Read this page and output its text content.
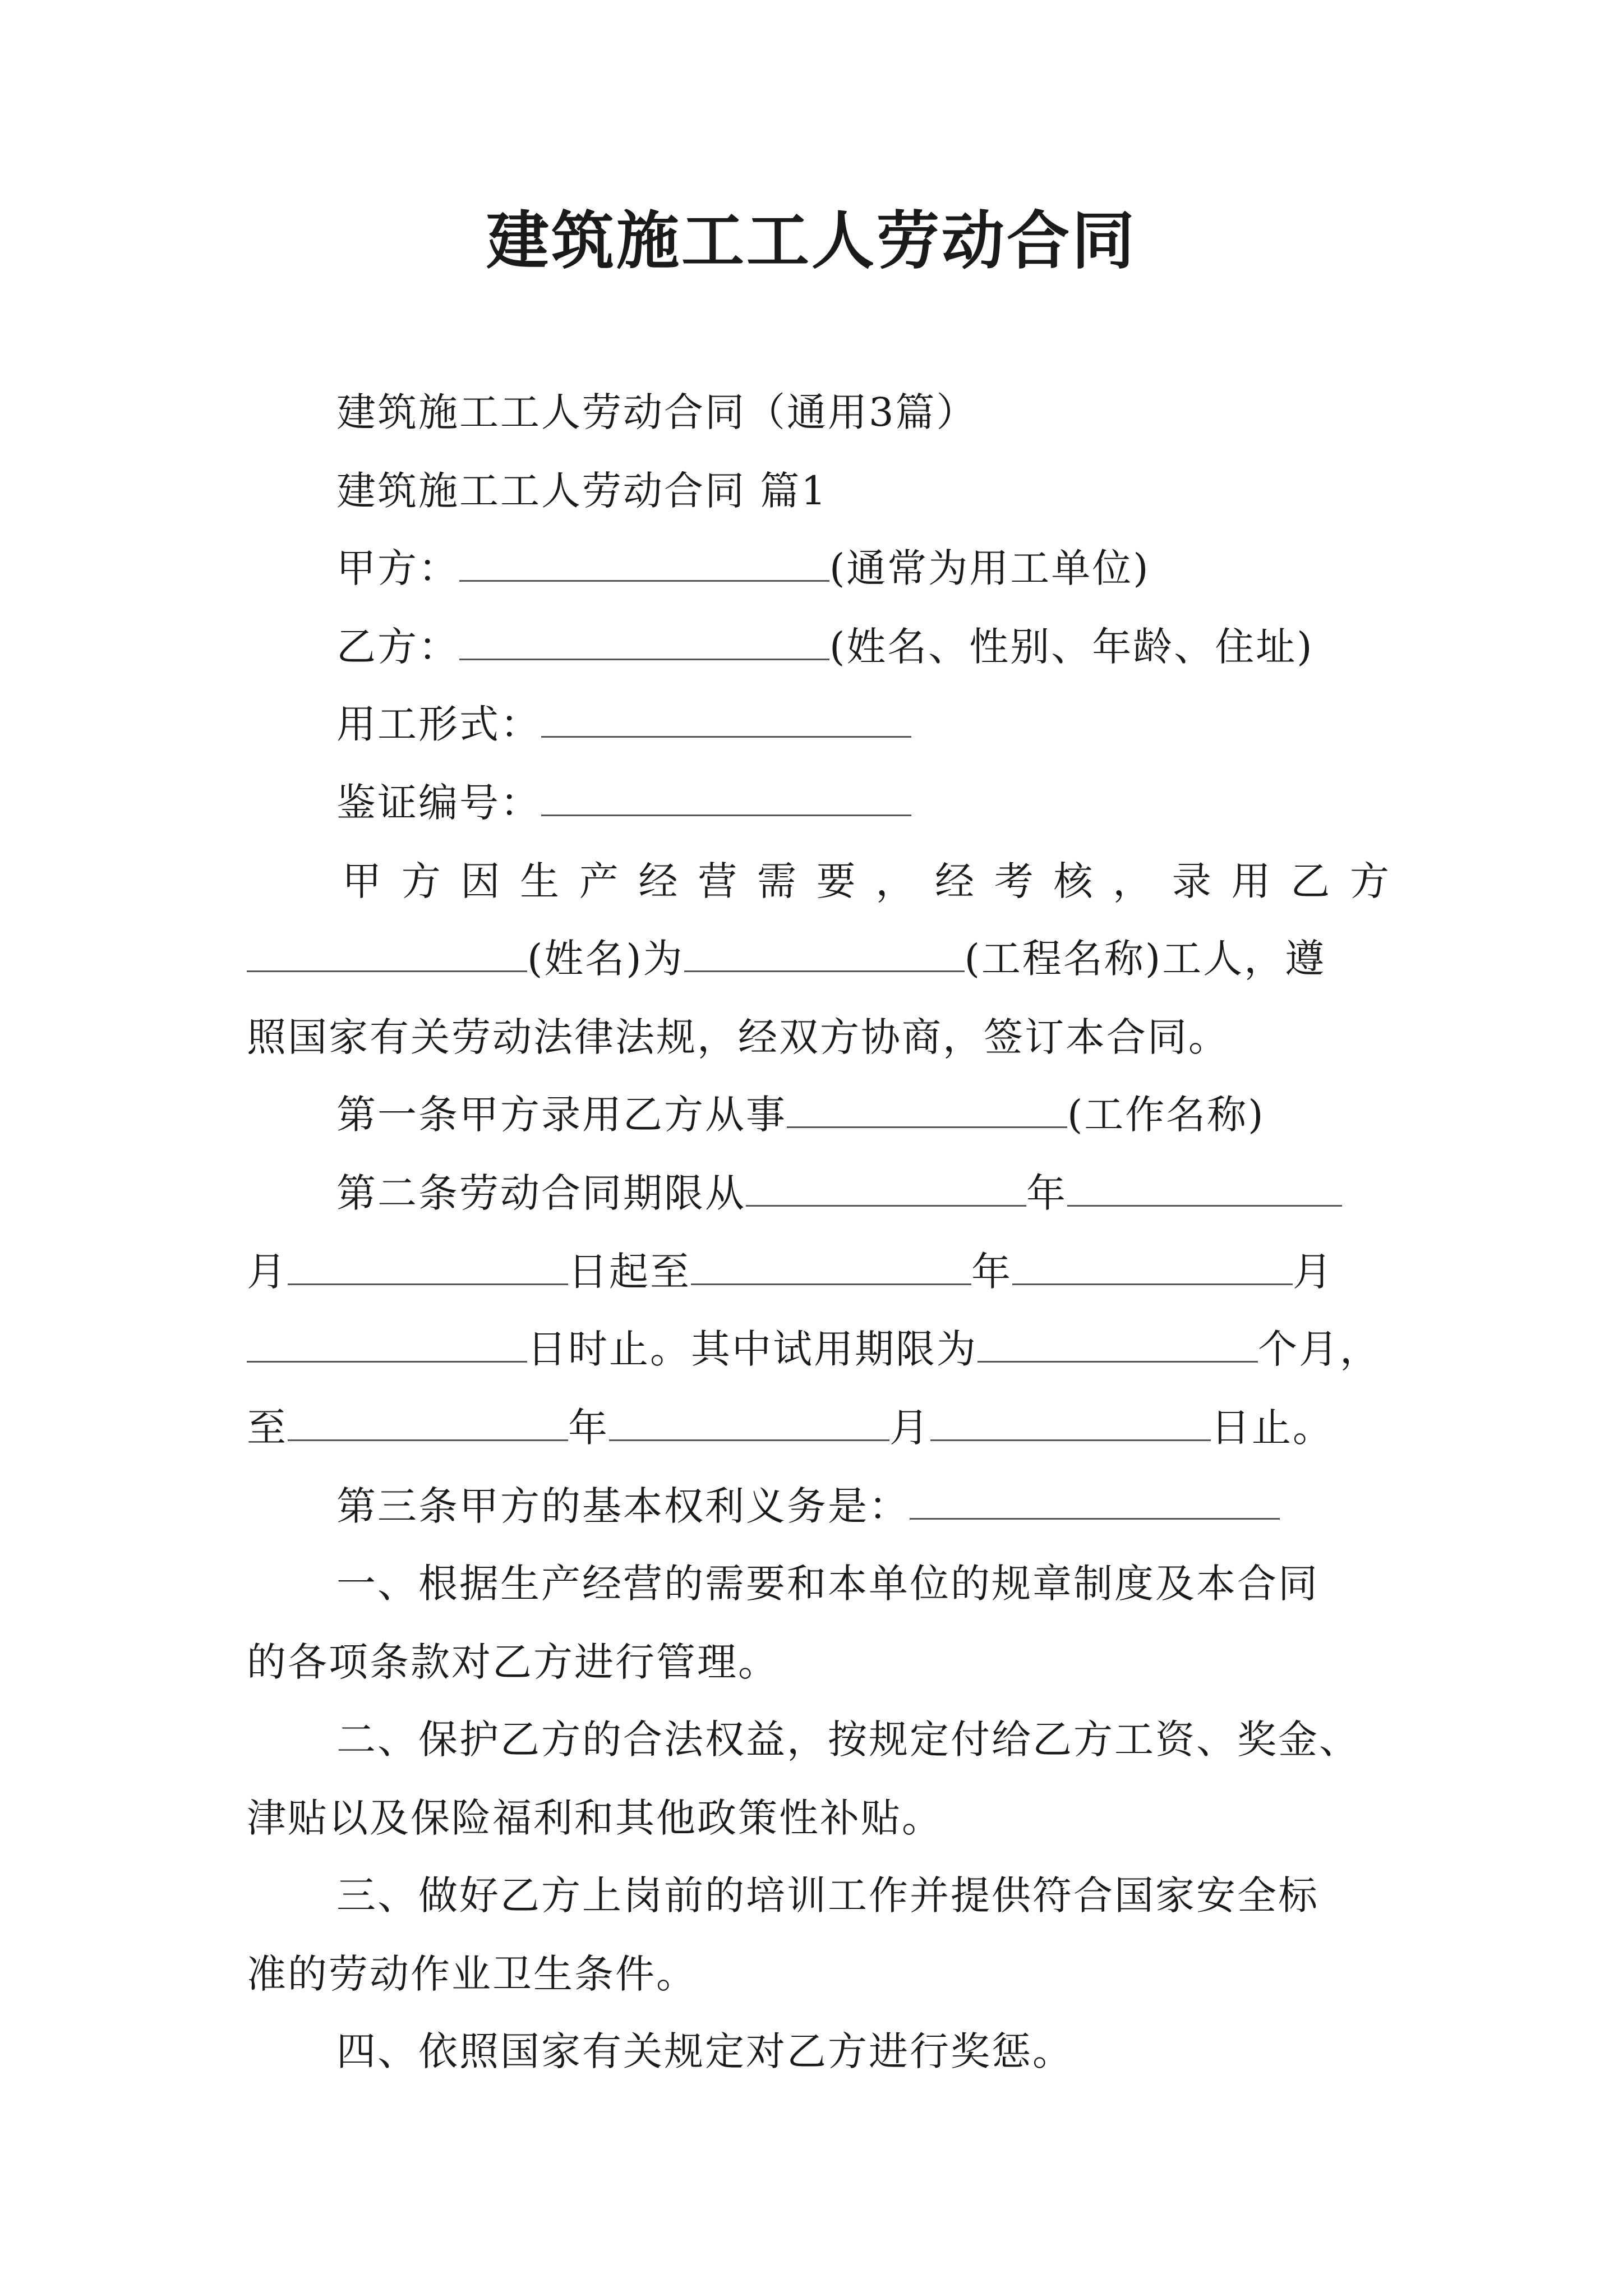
建筑施工工人劳动合同
建筑施工工人劳动合同（通用3篇）
建筑施工工人劳动合同 篇1
甲方：	(通常为用工单位)
乙方：	(姓名、性别、年龄、住址)
用工形式：
鉴证编号：
甲 方 因 生 产 经 营 需 要 ， 经 考 核 ， 录 用 乙 方
(姓名)为	(工程名称)工人，遵
照国家有关劳动法律法规，经双方协商，签订本合同。
第一条甲方录用乙方从事	(工作名称)
第二条劳动合同期限从	年
月	日起至	年	月
日时止。其中试用期限为	个月，
至	年	月	日止。
第三条甲方的基本权利义务是：
一、根据生产经营的需要和本单位的规章制度及本合同
的各项条款对乙方进行管理。
二、保护乙方的合法权益，按规定付给乙方工资、奖金、
津贴以及保险福利和其他政策性补贴。
三、做好乙方上岗前的培训工作并提供符合国家安全标
准的劳动作业卫生条件。
四、依照国家有关规定对乙方进行奖惩。
